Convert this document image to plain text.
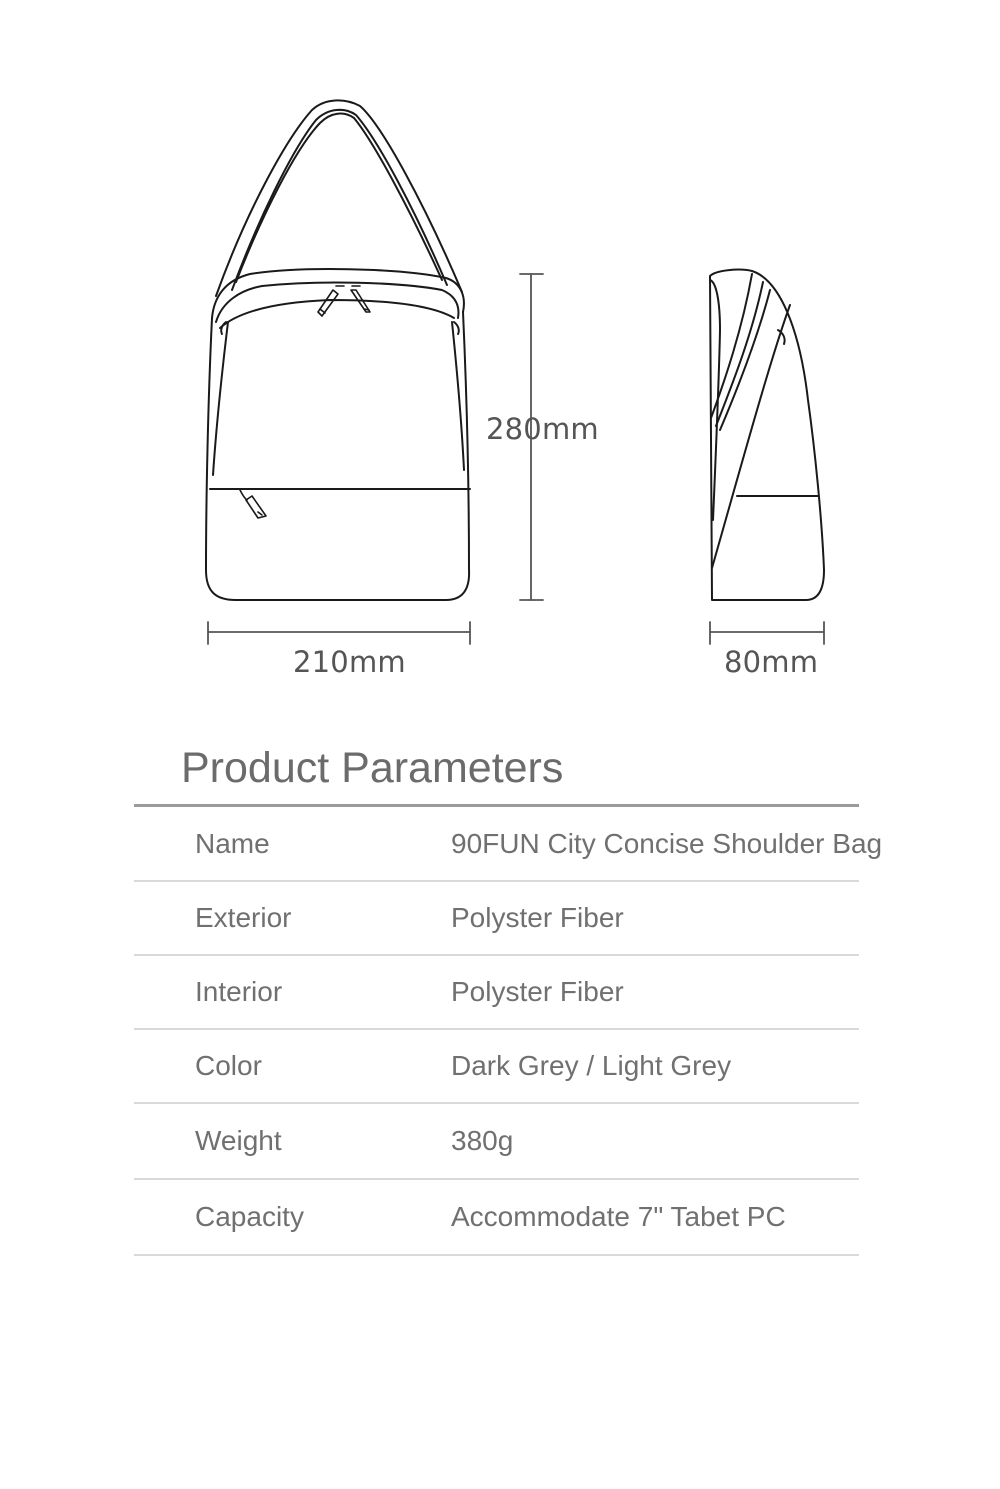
280mm
210mm	80mm
Product Parameters
Name	90FUN City Concise Shoulder Bag
Exterior	Polyster Fiber
Interior	Polyster Fiber
Color	Dark Grey / Light Grey
Weight	380g
Capacity	Accommodate 7" Tabet PC
